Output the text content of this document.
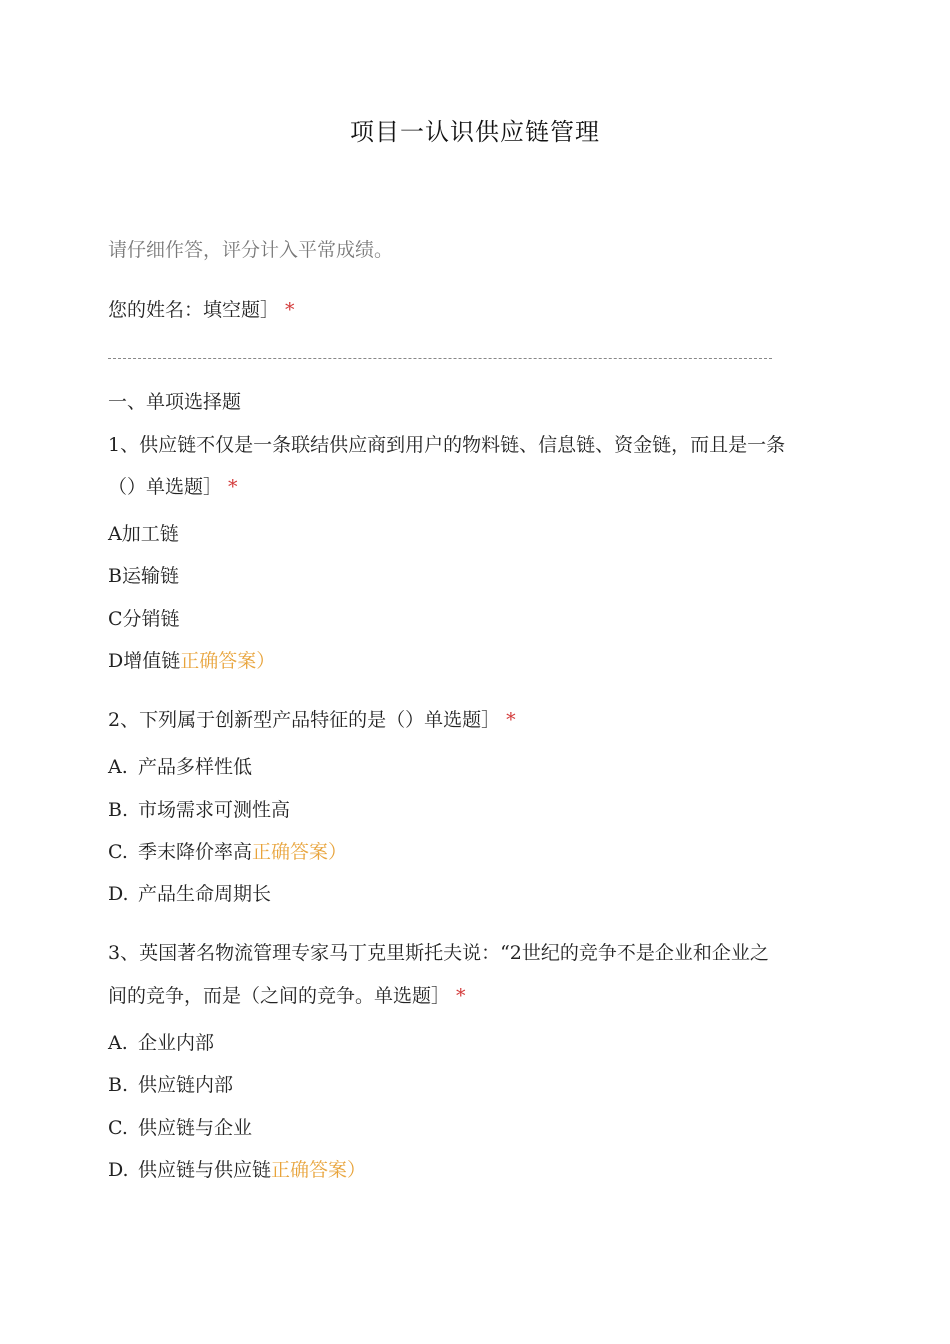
项目一认识供应链管理
请仔细作答，评分计入平常成绩。
您的姓名：填空题］ *
一、单项选择题
1、供应链不仅是一条联结供应商到用户的物料链、信息链、资金链，而且是一条
（）单选题］ *
A加工链
B运输链
C分销链
D增值链正确答案）
2、下列属于创新型产品特征的是（）单选题］ *
A. 产品多样性低
B. 市场需求可测性高
C. 季末降价率高正确答案）
D. 产品生命周期长
3、英国著名物流管理专家马丁克里斯托夫说：“2世纪的竞争不是企业和企业之
间的竞争，而是（之间的竞争。单选题］ *
A. 企业内部
B. 供应链内部
C. 供应链与企业
D. 供应链与供应链正确答案）
